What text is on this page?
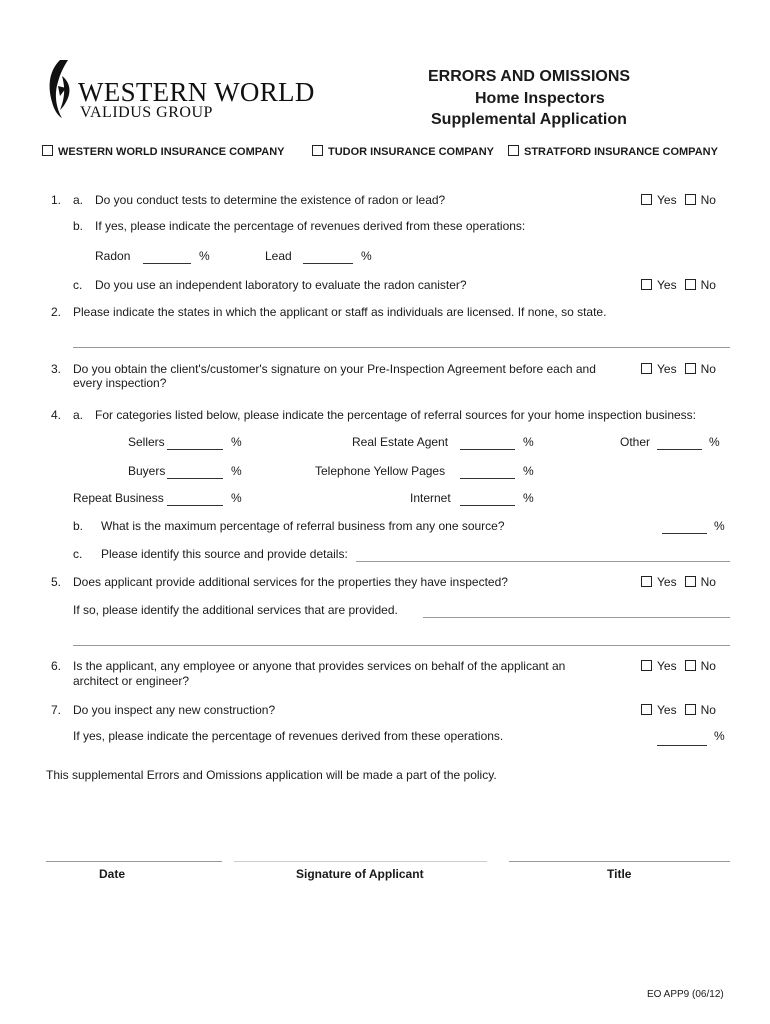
WESTERN WORLD
VALIDUS GROUP
ERRORS AND OMISSIONS
Home Inspectors
Supplemental Application
WESTERN WORLD INSURANCE COMPANY	TUDOR INSURANCE COMPANY	STRATFORD INSURANCE COMPANY
1. a. Do you conduct tests to determine the existence of radon or lead?	Yes No
b. If yes, please indicate the percentage of revenues derived from these operations:
Radon	%	Lead	%
c. Do you use an independent laboratory to evaluate the radon canister?	Yes No
2. Please indicate the states in which the applicant or staff as individuals are licensed. If none, so state.
3. Do you obtain the client's/customer's signature on your Pre-Inspection Agreement before each and
every inspection?
Yes No
4. a. For categories listed below, please indicate the percentage of referral sources for your home inspection business:
Sellers	%	Real Estate Agent	%	Other	%
Buyers	%	Telephone Yellow Pages	%
Repeat Business	%	Internet	%
b. What is the maximum percentage of referral business from any one source?	%
c. Please identify this source and provide details:
5. Does applicant provide additional services for the properties they have inspected?	Yes No
If so, please identify the additional services that are provided.
6. Is the applicant, any employee or anyone that provides services on behalf of the applicant an
architect or engineer?
Yes No
7. Do you inspect any new construction?	Yes No
If yes, please indicate the percentage of revenues derived from these operations.	%
This supplemental Errors and Omissions application will be made a part of the policy.
Date	Signature of Applicant	Title
EO APP9 (06/12)
